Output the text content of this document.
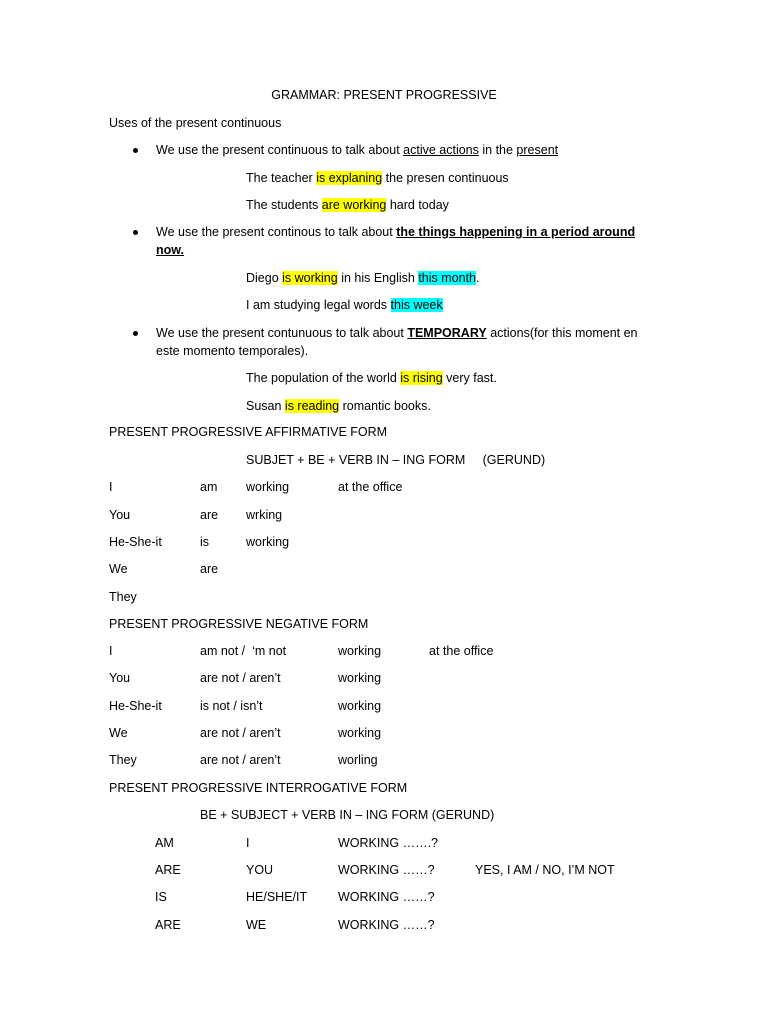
GRAMMAR: PRESENT PROGRESSIVE
Uses of the present continuous
We use the present continuous to talk about active actions in the present
The teacher is explaning the presen continuous
The students are working hard today
We use the present continous to talk about the things happening in a period around
now.
Diego is working in his English this month.
I am studying legal words this week
We use the present contunuous to talk about TEMPORARY actions(for this moment en
este momento temporales).
The population of the world is rising very fast.
Susan is reading romantic books.
PRESENT PROGRESSIVE AFFIRMATIVE FORM
SUBJET + BE + VERB IN – ING FORM     (GERUND)
I	am working	at the office
You	are wrking
He-She-it	is	working
We	are
They
PRESENT PROGRESSIVE NEGATIVE FORM
I	am not /  ‘m not	working	at the office
You	are not / aren’t	working
He-She-it	is not / isn’t	working
We	are not / aren’t	working
They	are not / aren’t	worling
PRESENT PROGRESSIVE INTERROGATIVE FORM
BE + SUBJECT + VERB IN – ING FORM (GERUND)
AM	I	WORKING …….?
ARE	YOU	WORKING ……?	YES, I AM / NO, I’M NOT
IS	HE/SHE/IT WORKING ……?
ARE	WE	WORKING ……?
